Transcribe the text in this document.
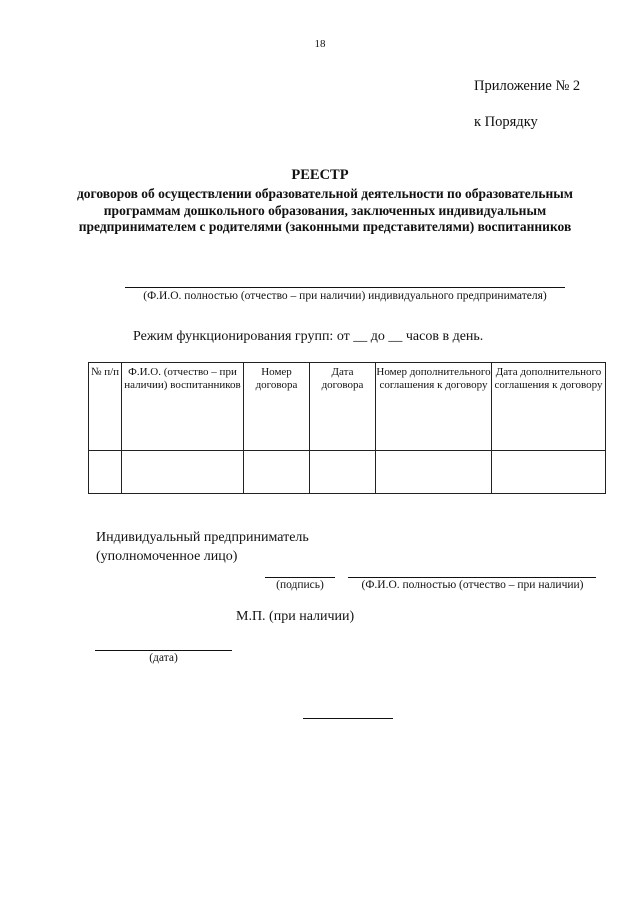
18
Приложение № 2
к Порядку
РЕЕСТР
договоров об осуществлении образовательной деятельности по образовательным программам дошкольного образования, заключенных индивидуальным предпринимателем с родителями (законными представителями) воспитанников
(Ф.И.О. полностью (отчество – при наличии) индивидуального предпринимателя)
Режим функционирования групп: от __ до __ часов в день.
№ п/п	Ф.И.О. (отчество – при наличии) воспитанников	Номер договора	Дата договора	Номер дополнительного соглашения к договору	Дата дополнительного соглашения к договору

Индивидуальный предприниматель
(уполномоченное лицо)
(подпись)	(Ф.И.О. полностью (отчество – при наличии)
М.П. (при наличии)
(дата)
